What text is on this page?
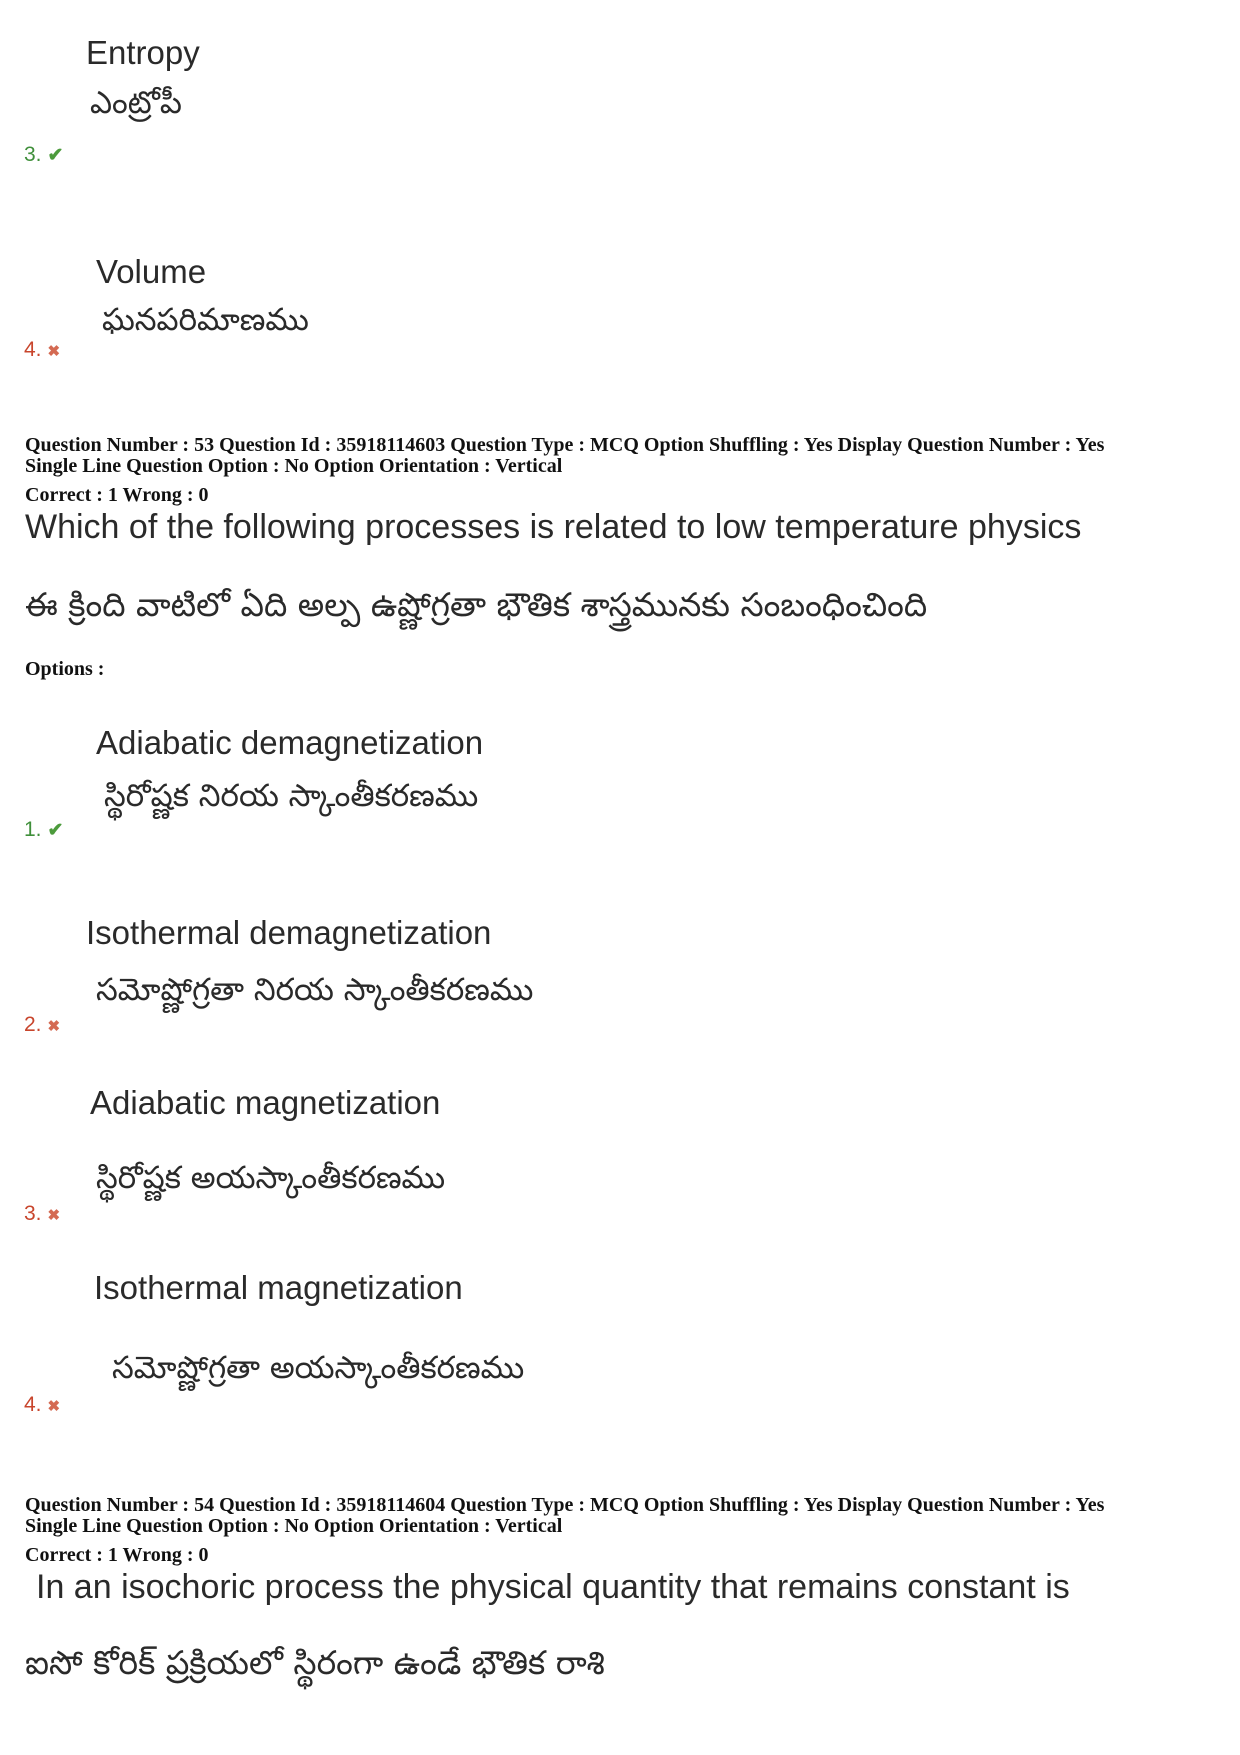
Entropy
ఎంట్రోపీ
3. ✔
Volume
ఘనపరిమాణము
4. ✖
Question Number : 53 Question Id : 35918114603 Question Type : MCQ Option Shuffling : Yes Display Question Number : Yes
Single Line Question Option : No Option Orientation : Vertical
Correct : 1 Wrong : 0
Which of the following processes is related to low temperature physics
ఈ క్రింది వాటిలో ఏది అల్ప ఉష్ణోగ్రతా భౌతిక శాస్త్రమునకు సంబంధించింది
Options :
Adiabatic demagnetization
స్థిరోష్ణక నిరయ స్కాంతీకరణము
1. ✔
Isothermal demagnetization
సమోష్ణోగ్రతా నిరయ స్కాంతీకరణము
2. ✖
Adiabatic magnetization
స్థిరోష్ణక అయస్కాంతీకరణము
3. ✖
Isothermal magnetization
సమోష్ణోగ్రతా అయస్కాంతీకరణము
4. ✖
Question Number : 54 Question Id : 35918114604 Question Type : MCQ Option Shuffling : Yes Display Question Number : Yes
Single Line Question Option : No Option Orientation : Vertical
Correct : 1 Wrong : 0
In an isochoric process the physical quantity that remains constant is
ఐసో కోరిక్ ప్రక్రియలో స్థిరంగా ఉండే భౌతిక రాశి
